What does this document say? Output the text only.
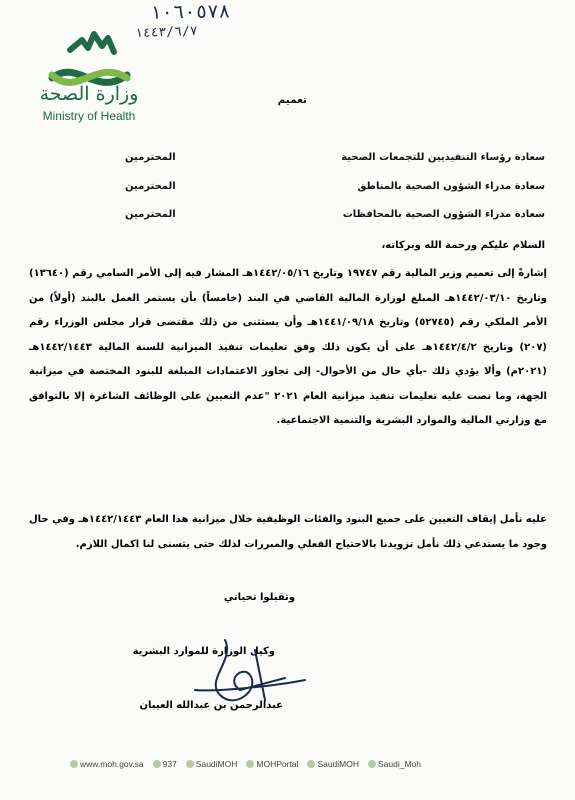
١٠٦٠٥٧٨
١٤٤٣/٦/٧
وزارة الصحة
Ministry of Health
تعميم
سعادة رؤساء التنفيذيين للتجمعات الصحية
المحترمين
سعادة مدراء الشؤون الصحية بالمناطق
المحترمين
سعادة مدراء الشؤون الصحية بالمحافظات
المحترمين
السلام عليكم ورحمة الله وبركاته،
إشارةً إلى تعميم وزير المالية رقم ١٩٧٤٧ وتاريخ ١٤٤٢/٠٥/١٦هـ المشار فيه إلى الأمر السامي رقم (١٣٦٤٠) وتاريخ ١٤٤٢/٠٣/١٠هـ المبلغ لوزارة المالية القاضي في البند (خامساً) بأن يستمر العمل بالبند (أولاً) من الأمر الملكي رقم (٥٢٧٤٥) وتاريخ ١٤٤١/٠٩/١٨هـ وأن يستثنى من ذلك مقتضى قرار مجلس الوزراء رقم (٢٠٧) وتاريخ ١٤٤٢/٤/٢هـ على أن يكون ذلك وفق تعليمات تنفيذ الميزانية للسنة المالية ١٤٤٢/١٤٤٣هـ (٢٠٢١م) وألا يؤدي ذلك -بأي حال من الأحوال- إلى تجاوز الاعتمادات المبلغة للبنود المختصة في ميزانية الجهة، وما نصت عليه تعليمات تنفيذ ميزانية العام ٢٠٢١ "عدم التعيين على الوظائف الشاغرة إلا بالتوافق مع وزارتي المالية والموارد البشرية والتنمية الاجتماعية.
عليه نأمل إيقاف التعيين على جميع البنود والفئات الوظيفية خلال ميزانية هذا العام ١٤٤٢/١٤٤٣هـ وفي حال وجود ما يستدعي ذلك نأمل تزويدنا بالاحتياج الفعلي والمبررات لذلك حتى يتسنى لنا اكمال اللازم.
وتقبلوا تحياتي
وكيل الوزارة للموارد البشرية
عبدالرحمن بن عبدالله العيبان
www.moh.gov.sa 937 SaudiMOH MOHPortal SaudiMOH Saudi_Moh
